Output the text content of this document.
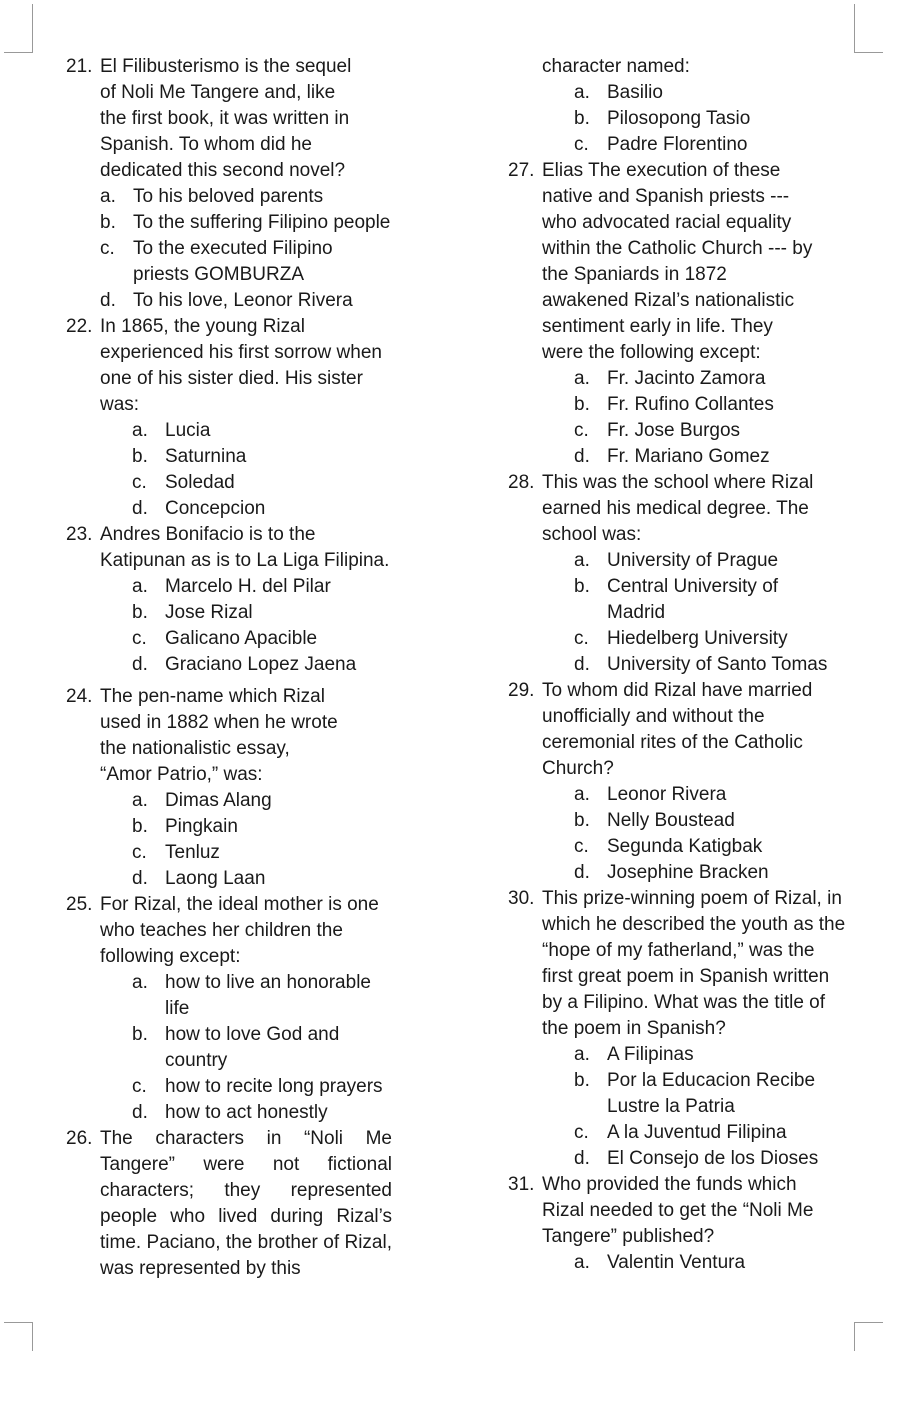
21. El Filibusterismo is the sequel of Noli Me Tangere and, like the first book, it was written in Spanish. To whom did he dedicated this second novel?
a. To his beloved parents
b. To the suffering Filipino people
c. To the executed Filipino priests GOMBURZA
d. To his love, Leonor Rivera
22. In 1865, the young Rizal experienced his first sorrow when one of his sister died. His sister was:
a. Lucia
b. Saturnina
c. Soledad
d. Concepcion
23. Andres Bonifacio is to the Katipunan as is to La Liga Filipina.
a. Marcelo H. del Pilar
b. Jose Rizal
c. Galicano Apacible
d. Graciano Lopez Jaena
24. The pen-name which Rizal used in 1882 when he wrote the nationalistic essay, “Amor Patrio,” was:
a. Dimas Alang
b. Pingkain
c. Tenluz
d. Laong Laan
25. For Rizal, the ideal mother is one who teaches her children the following except:
a. how to live an honorable life
b. how to love God and country
c. how to recite long prayers
d. how to act honestly
26. The characters in “Noli Me Tangere” were not fictional characters; they represented people who lived during Rizal’s time. Paciano, the brother of Rizal, was represented by this
character named:
a. Basilio
b. Pilosopong Tasio
c. Padre Florentino
27. Elias The execution of these native and Spanish priests --- who advocated racial equality within the Catholic Church --- by the Spaniards in 1872 awakened Rizal’s nationalistic sentiment early in life. They were the following except:
a. Fr. Jacinto Zamora
b. Fr. Rufino Collantes
c. Fr. Jose Burgos
d. Fr. Mariano Gomez
28. This was the school where Rizal earned his medical degree. The school was:
a. University of Prague
b. Central University of Madrid
c. Hiedelberg University
d. University of Santo Tomas
29. To whom did Rizal have married unofficially and without the ceremonial rites of the Catholic Church?
a. Leonor Rivera
b. Nelly Boustead
c. Segunda Katigbak
d. Josephine Bracken
30. This prize-winning poem of Rizal, in which he described the youth as the “hope of my fatherland,” was the first great poem in Spanish written by a Filipino. What was the title of the poem in Spanish?
a. A Filipinas
b. Por la Educacion Recibe Lustre la Patria
c. A la Juventud Filipina
d. El Consejo de los Dioses
31. Who provided the funds which Rizal needed to get the “Noli Me Tangere” published?
a. Valentin Ventura
